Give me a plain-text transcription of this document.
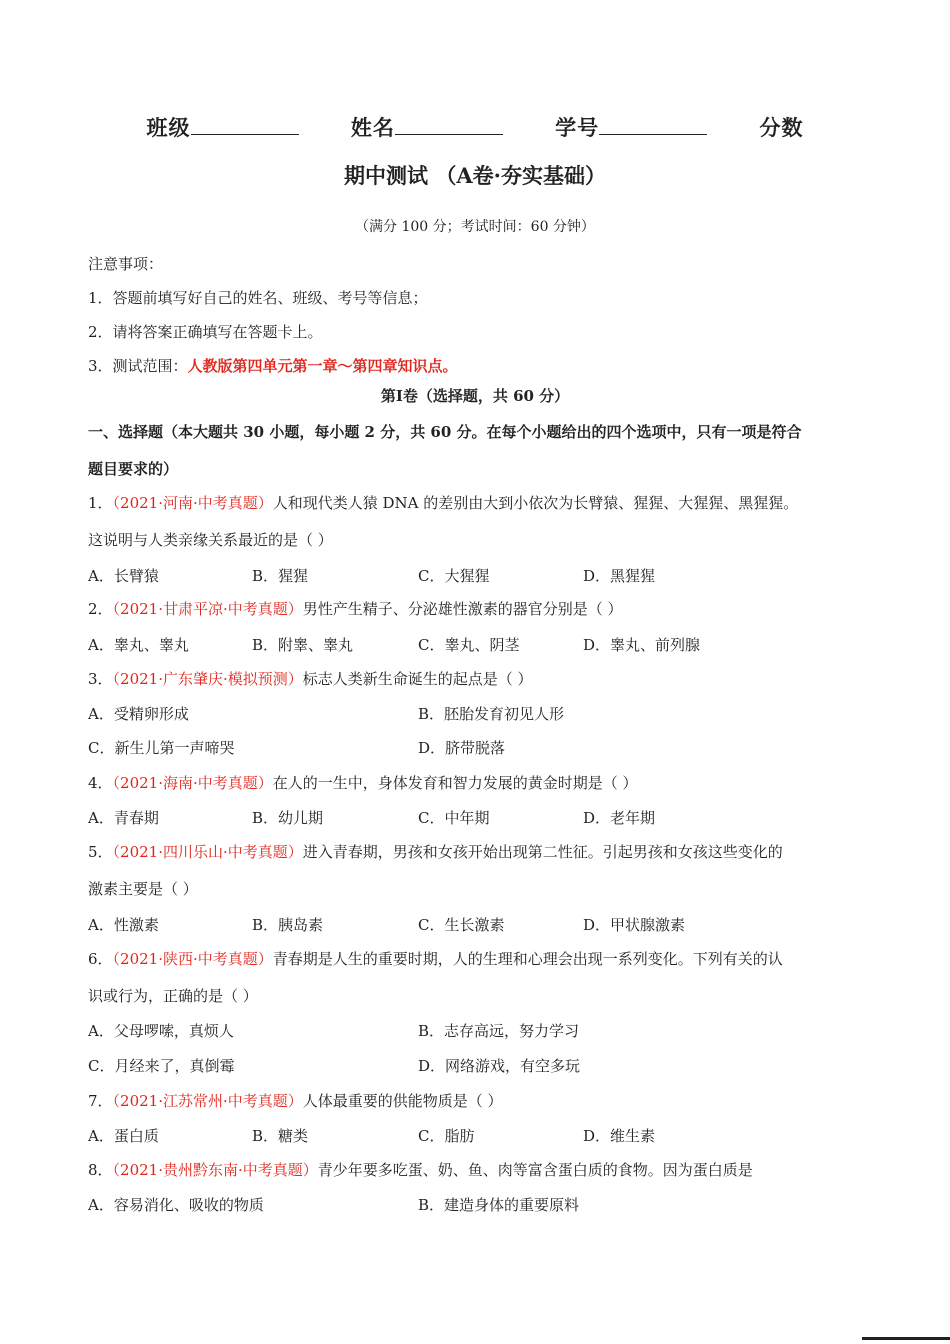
班级	姓名	学号	分数
期中测试 （A卷·夯实基础）
（满分 100 分；考试时间：60 分钟）
注意事项：
1．答题前填写好自己的姓名、班级、考号等信息；
2．请将答案正确填写在答题卡上。
3．测试范围：人教版第四单元第一章～第四章知识点。
第Ⅰ卷（选择题，共 60 分）
一、选择题（本大题共 30 小题，每小题 2 分，共 60 分。在每个小题给出的四个选项中，只有一项是符合
题目要求的）
1．（2021·河南·中考真题）人和现代类人猿 DNA 的差别由大到小依次为长臂猿、猩猩、大猩猩、黑猩猩。
这说明与人类亲缘关系最近的是（ ）
A．长臂猿	B．猩猩	C．大猩猩	D．黑猩猩
2．（2021·甘肃平凉·中考真题）男性产生精子、分泌雄性激素的器官分别是（ ）
A．睾丸、睾丸	B．附睾、睾丸	C．睾丸、阴茎	D．睾丸、前列腺
3．（2021·广东肇庆·模拟预测）标志人类新生命诞生的起点是（ ）
A．受精卵形成	B．胚胎发育初见人形
C．新生儿第一声啼哭	D．脐带脱落
4．（2021·海南·中考真题）在人的一生中，身体发育和智力发展的黄金时期是（ ）
A．青春期	B．幼儿期	C．中年期	D．老年期
5．（2021·四川乐山·中考真题）进入青春期，男孩和女孩开始出现第二性征。引起男孩和女孩这些变化的
激素主要是（ ）
A．性激素	B．胰岛素	C．生长激素	D．甲状腺激素
6．（2021·陕西·中考真题）青春期是人生的重要时期，人的生理和心理会出现一系列变化。下列有关的认
识或行为，正确的是（ ）
A．父母啰嗦，真烦人	B．志存高远，努力学习
C．月经来了，真倒霉	D．网络游戏，有空多玩
7．（2021·江苏常州·中考真题）人体最重要的供能物质是（ ）
A．蛋白质	B．糖类	C．脂肪	D．维生素
8．（2021·贵州黔东南·中考真题）青少年要多吃蛋、奶、鱼、肉等富含蛋白质的食物。因为蛋白质是
A．容易消化、吸收的物质	B．建造身体的重要原料
